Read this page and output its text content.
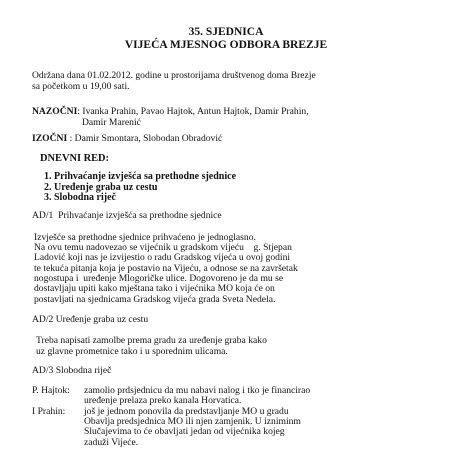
35. SJEDNICA
VIJEĆA MJESNOG ODBORA BREZJE
Održana dana 01.02.2012. godine u prostorijama društvenog doma Brezje
sa početkom u 19,00 sati.
NAZOČNI: Ivanka Prahin, Pavao Hajtok, Antun Hajtok, Damir Prahin,
Damir Marenić
IZOČNI : Damir Smontara, Slobodan Obradović
DNEVNI RED:
1. Prihvaćanje izvješća sa prethodne sjednice
2. Uređenje graba uz cestu
3. Slobodna riječ
AD/1  Prihvaćanje izvješća sa prethodne sjednice
Izvješće sa prethodne sjednice prihvaćeno je jednoglasno.
Na ovu temu nadovezao se vijećnik u gradskom vijeću    g. Stjepan
Ladović koji nas je izvijestio o radu Gradskog vijeća u ovoj godini
te tekuća pitanja koja je postavio na Vijeću, a odnose se na završetak
nogostupa i  uređenje Mlogoričke ulice. Dogovoreno je da mu se
dostavljaju upiti kako mještana tako i vijećnika MO koja će on
postavljati na sjednicama Gradskog vijeća grada Sveta Nedela.
AD/2 Uređenje graba uz cestu
Treba napisati zamolbe prema gradu za uređenje graba kako
uz glavne prometnice tako i u sporednim ulicama.
AD/3 Slobodna riječ
P. Hajtok: zamolio prdsjednicu da mu nabavi nalog i tko je financirao
uređenje prelaza preko kanala Horvatica.
I Prahin: još je jednom ponovila da predstavljanje MO u gradu
Obavlja predsjednica MO ili njen zamjenik. U izniminm
Slučajevima to će obavljati jedan od vijećnika kojeg
zaduži Vijeće.
